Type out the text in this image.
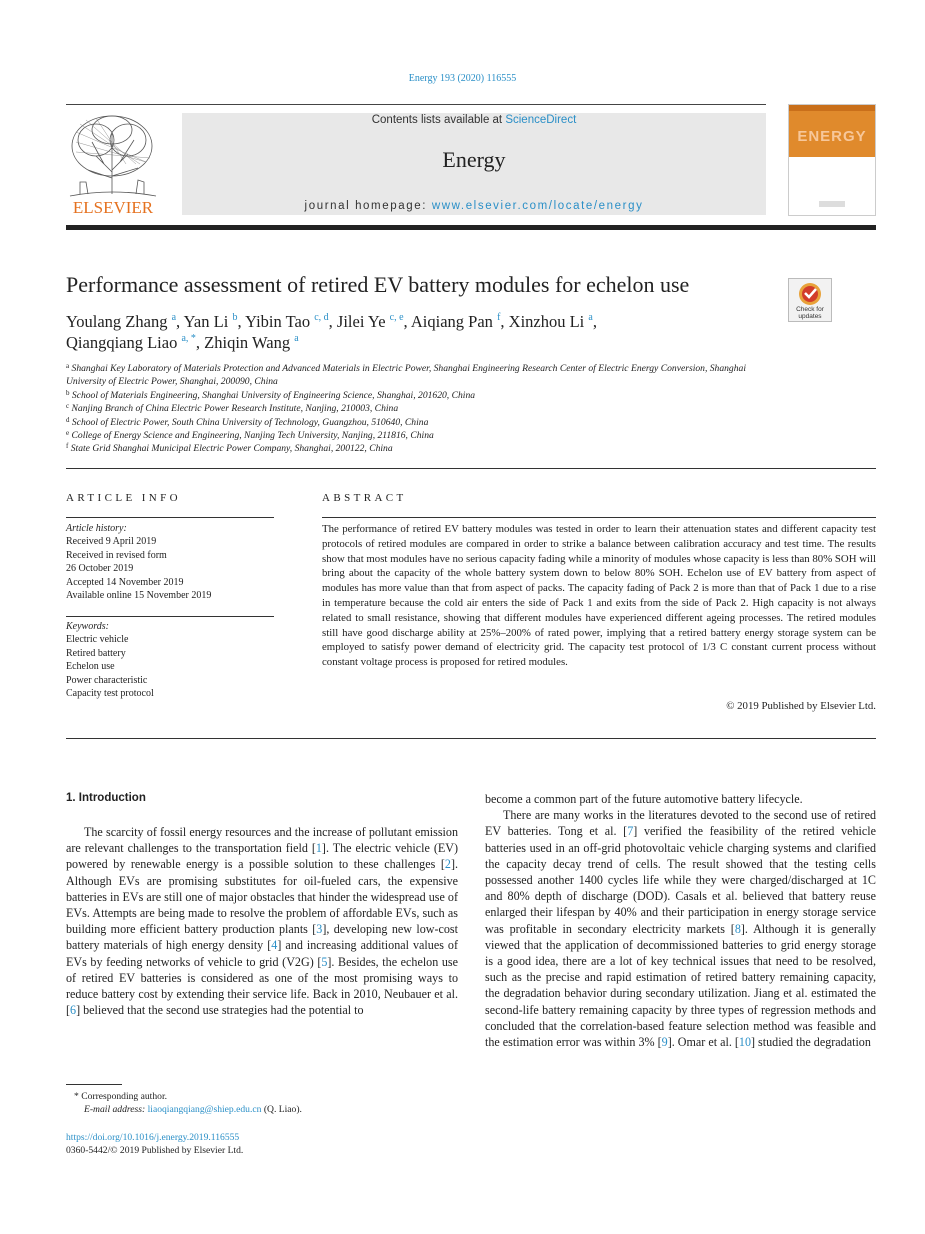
Energy 193 (2020) 116555
ELSEVIER
Contents lists available at ScienceDirect
Energy
journal homepage: www.elsevier.com/locate/energy
ENERGY
Performance assessment of retired EV battery modules for echelon use
Check for
updates
Youlang Zhang $^a$, Yan Li $^b$, Yibin Tao $^{c, d}$, Jilei Ye $^{c, e}$, Aiqiang Pan $^f$, Xinzhou Li $^a$,
Qiangqiang Liao $^{a, *}$, Zhiqin Wang $^a$
$^a$ Shanghai Key Laboratory of Materials Protection and Advanced Materials in Electric Power, Shanghai Engineering Research Center of Electric Energy Conversion, Shanghai University of Electric Power, Shanghai, 200090, China
$^b$ School of Materials Engineering, Shanghai University of Engineering Science, Shanghai, 201620, China
$^c$ Nanjing Branch of China Electric Power Research Institute, Nanjing, 210003, China
$^d$ School of Electric Power, South China University of Technology, Guangzhou, 510640, China
$^e$ College of Energy Science and Engineering, Nanjing Tech University, Nanjing, 211816, China
$^f$ State Grid Shanghai Municipal Electric Power Company, Shanghai, 200122, China
ARTICLE INFO
Article history:
Received 9 April 2019
Received in revised form
26 October 2019
Accepted 14 November 2019
Available online 15 November 2019
Keywords:
Electric vehicle
Retired battery
Echelon use
Power characteristic
Capacity test protocol
ABSTRACT
The performance of retired EV battery modules was tested in order to learn their attenuation states and different capacity test protocols of retired modules are compared in order to strike a balance between calibration accuracy and test time. The results show that most modules have no serious capacity fading while a minority of modules whose capacity is less than 80% SOH will bring about the capacity of the whole battery system down to below 80% SOH. Echelon use of EV battery from aspect of modules has more value than that from aspect of packs. The capacity fading of Pack 2 is more than that of Pack 1 due to a rise in temperature because the cold air enters the side of Pack 1 and exits from the side of Pack 2. High capacity is not always related to small resistance, showing that different modules have experienced different ageing processes. The retired modules still have good discharge ability at 25%–200% of rated power, implying that a retired battery energy storage system can be employed to satisfy power demand of electricity grid. The capacity test protocol of 1/3 C constant current process without constant voltage process is proposed for retired modules.
© 2019 Published by Elsevier Ltd.
1. Introduction

The scarcity of fossil energy resources and the increase of pollutant emission are relevant challenges to the transportation field [1]. The electric vehicle (EV) powered by renewable energy is a possible solution to these challenges [2]. Although EVs are promising substitutes for oil-fueled cars, the expensive batteries in EVs are still one of major obstacles that hinder the widespread use of EVs. Attempts are being made to resolve the problem of affordable EVs, such as building more efficient battery production plants [3], developing new low-cost battery materials of high energy density [4] and increasing additional values of EVs by feeding networks of vehicle to grid (V2G) [5]. Besides, the echelon use of retired EV batteries is considered as one of the most promising ways to reduce battery cost by extending their service life. Back in 2010, Neubauer et al. [6] believed that the second use strategies had the potential to

become a common part of the future automotive battery lifecycle.

There are many works in the literatures devoted to the second use of retired EV batteries. Tong et al. [7] verified the feasibility of the retired vehicle batteries used in an off-grid photovoltaic vehicle charging systems and clarified the capacity decay trend of cells. The result showed that the testing cells possessed another 1400 cycles life while they were charged/discharged at 1C and 80% depth of discharge (DOD). Casals et al. believed that battery reuse enlarged their lifespan by 40% and their participation in energy storage service was profitable in secondary electricity markets [8]. Although it is generally viewed that the application of decommissioned batteries to grid energy storage is a good idea, there are a lot of key technical issues that need to be resolved, such as the precise and rapid estimation of retired battery remaining capacity, the degradation behavior during secondary utilization. Jiang et al. estimated the second-life battery remaining capacity by three types of regression methods and concluded that the correlation-based feature selection method was feasible and the estimation error was within 3% [9]. Omar et al. [10] studied the degradation

* Corresponding author.
E-mail address: liaoqiangqiang@shiep.edu.cn (Q. Liao).
https://doi.org/10.1016/j.energy.2019.116555
0360-5442/© 2019 Published by Elsevier Ltd.
